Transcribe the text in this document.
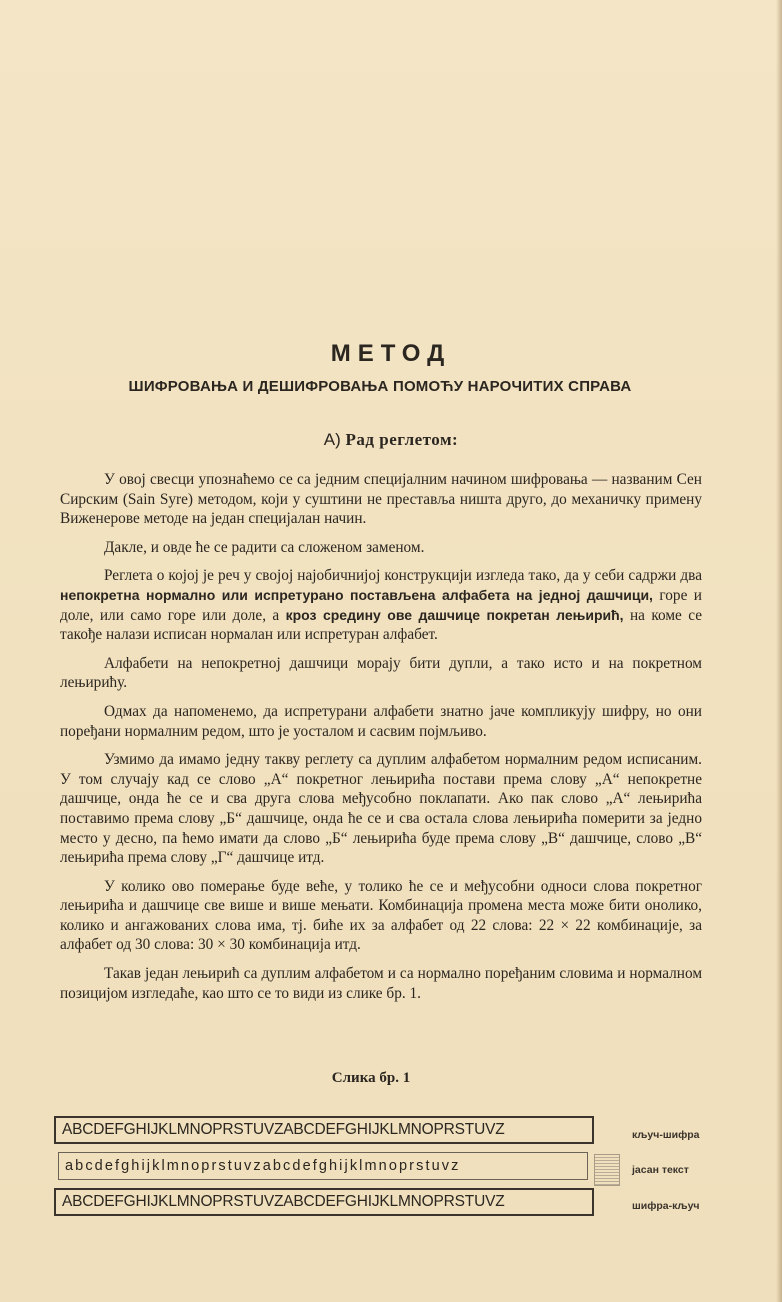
МЕТОД
ШИФРОВАЊА И ДЕШИФРОВАЊА ПОМОЋУ НАРОЧИТИХ СПРАВА
А) Рад реглетом:

У овој свесци упознаћемо се са једним специјалним начином шифровања — названим Сен Сирским (Sain Syre) методом, који у суштини не преставља ништа друго, до механичку примену Виженерове методе на један специјалан начин.

Дакле, и овде ће се радити са сложеном заменом.

Реглета о којој је реч у својој најобичнијој конструкцији изгледа тако, да у себи садржи два непокретна нормално или испретурано постављена алфабета на једној дашчици, горе и доле, или само горе или доле, а кроз средину ове дашчице покретан лењирић, на коме се такође налази исписан нормалан или испретуран алфабет.

Алфабети на непокретној дашчици морају бити дупли, а тако исто и на покретном лењирићу.

Одмах да напоменемо, да испретурани алфабети знатно јаче компликују шифру, но они поређани нормалним редом, што је уосталом и сасвим појмљиво.

Узмимо да имамо једну такву реглету са дуплим алфабетом нормалним редом исписаним. У том случају кад се слово „А“ покретног лењирића постави према слову „А“ непокретне дашчице, онда ће се и сва друга слова међусобно поклапати. Ако пак слово „А“ лењирића поставимо према слову „Б“ дашчице, онда ће се и сва остала слова лењирића померити за једно место у десно, па ћемо имати да слово „Б“ лењирића буде према слову „В“ дашчице, слово „В“ лењирића према слову „Г“ дашчице итд.

У колико ово померање буде веће, у толико ће се и међусобни односи слова покретног лењирића и дашчице све више и више мењати. Комбинација промена места може бити онолико, колико и ангажованих слова има, тј. биће их за алфабет од 22 слова: 22 × 22 комбинације, за алфабет од 30 слова: 30 × 30 комбинација итд.

Такав један лењирић са дуплим алфабетом и са нормално поређаним словима и нормалном позицијом изгледаће, као што се то види из слике бр. 1.

Слика бр. 1
ABCDEFGHIJKLMNOPRSTUVZABCDEFGHIJKLMNOPRSTUVZ
abcdefghijklmnoprstuvzabcdefghijklmnoprstuvz
ABCDEFGHIJKLMNOPRSTUVZABCDEFGHIJKLMNOPRSTUVZ
кључ-шифра
јасан текст
шифра-кључ
